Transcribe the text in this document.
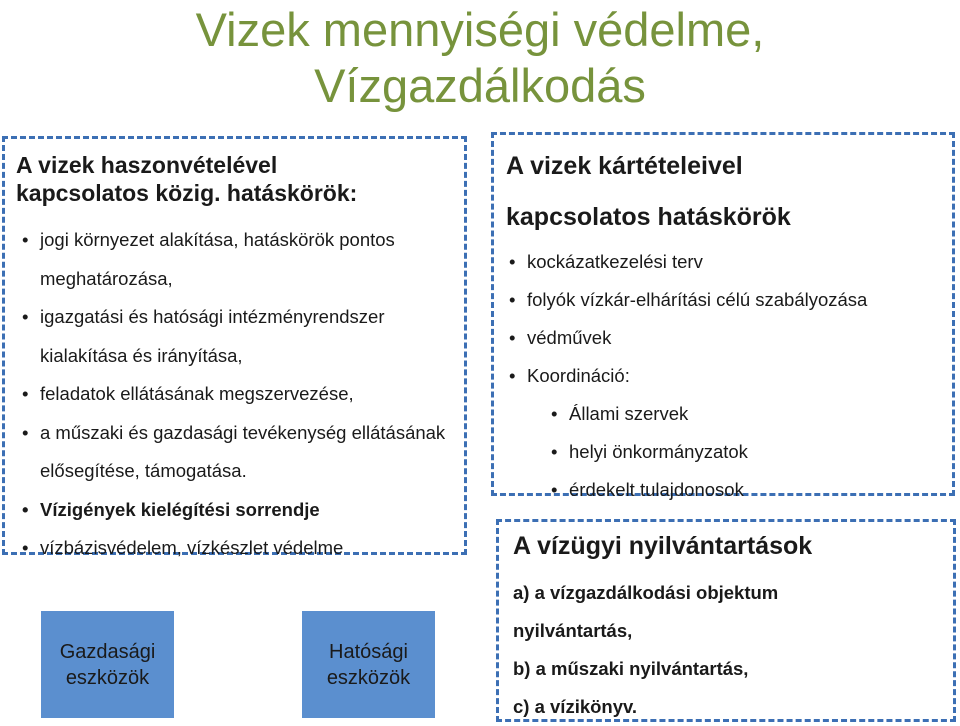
Vizek mennyiségi védelme,
Vízgazdálkodás
A vizek haszonvételével
kapcsolatos közig. hatáskörök:
• jogi környezet alakítása, hatáskörök pontos meghatározása,
• igazgatási és hatósági intézményrendszer kialakítása és irányítása,
• feladatok ellátásának megszervezése,
• a műszaki és gazdasági tevékenység ellátásának elősegítése, támogatása.
• Vízigények kielégítési sorrendje
• vízbázisvédelem, vízkészlet védelme
A vizek kártételeivel
kapcsolatos hatáskörök
• kockázatkezelési terv
• folyók vízkár-elhárítási célú szabályozása
• védművek
• Koordináció:
• Állami szervek
• helyi önkormányzatok
• érdekelt tulajdonosok
A vízügyi nyilvántartások
a) a vízgazdálkodási objektum
nyilvántartás,
b) a műszaki nyilvántartás,
c) a vízikönyv.
Gazdasági
eszközök
Hatósági
eszközök
